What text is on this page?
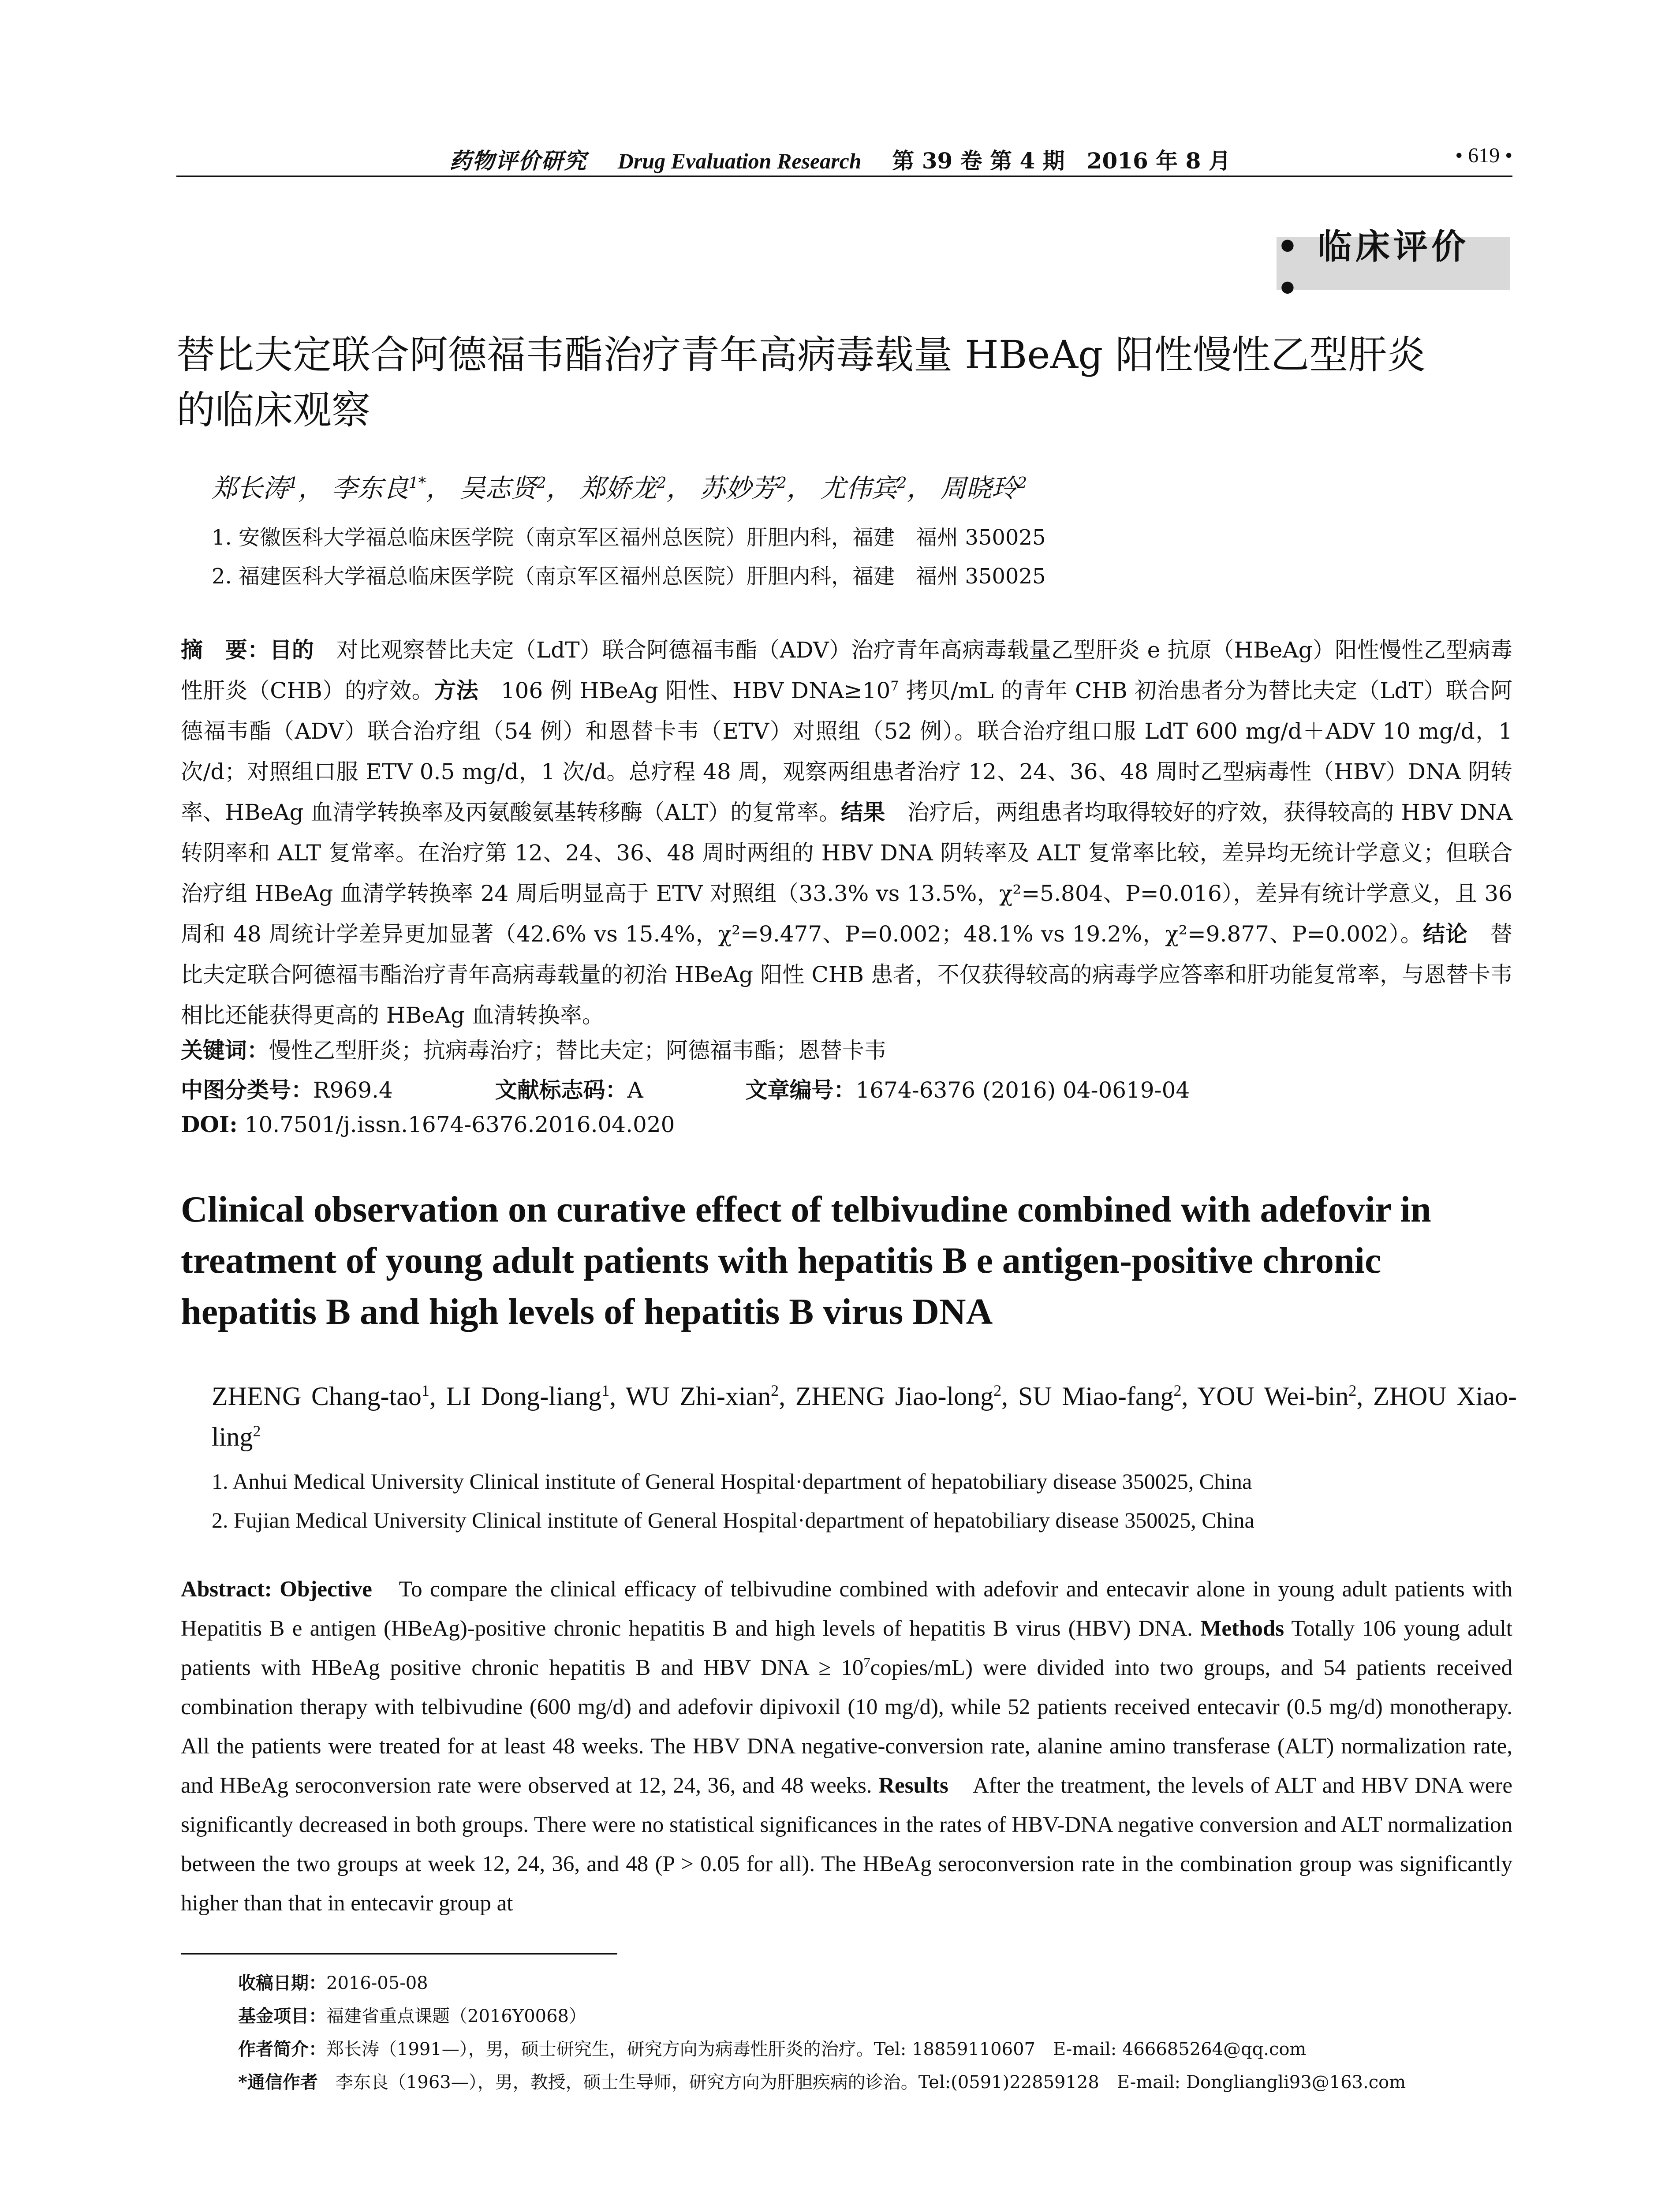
药物评价研究 Drug Evaluation Research 第 39 卷 第 4 期　2016 年 8 月	• 619 •
• 临床评价 •
替比夫定联合阿德福韦酯治疗青年高病毒载量 HBeAg 阳性慢性乙型肝炎
的临床观察
郑长涛$^1$， 李东良$^{1*}$， 吴志贤$^2$， 郑娇龙$^2$， 苏妙芳$^2$， 尤伟宾$^2$， 周晓玲$^2$
1. 安徽医科大学福总临床医学院（南京军区福州总医院）肝胆内科，福建　福州 350025
2. 福建医科大学福总临床医学院（南京军区福州总医院）肝胆内科，福建　福州 350025
摘　要：目的　对比观察替比夫定（LdT）联合阿德福韦酯（ADV）治疗青年高病毒载量乙型肝炎 e 抗原（HBeAg）阳性慢性乙型病毒性肝炎（CHB）的疗效。方法　106 例 HBeAg 阳性、HBV $DNA\ge 10^7$ 拷贝/mL 的青年 CHB 初治患者分为替比夫定（LdT）联合阿德福韦酯（ADV）联合治疗组（54 例）和恩替卡韦（ETV）对照组（52 例）。联合治疗组口服 LdT 600 mg/d＋ADV 10 mg/d，1 次/d；对照组口服 ETV 0.5 mg/d，1 次/d。总疗程 48 周，观察两组患者治疗 12、24、36、48 周时乙型病毒性（HBV）DNA 阴转率、HBeAg 血清学转换率及丙氨酸氨基转移酶（ALT）的复常率。结果　治疗后，两组患者均取得较好的疗效，获得较高的 HBV DNA 转阴率和 ALT 复常率。在治疗第 12、24、36、48 周时两组的 HBV DNA 阴转率及 ALT 复常率比较，差异均无统计学意义；但联合治疗组 HBeAg 血清学转换率 24 周后明显高于 ETV 对照组（33.3% vs 13.5%，χ²=5.804、P=0.016），差异有统计学意义，且 36 周和 48 周统计学差异更加显著（42.6% vs 15.4%，χ²=9.477、P=0.002；48.1% vs 19.2%，χ²=9.877、P=0.002）。结论　替比夫定联合阿德福韦酯治疗青年高病毒载量的初治 HBeAg 阳性 CHB 患者，不仅获得较高的病毒学应答率和肝功能复常率，与恩替卡韦相比还能获得更高的 HBeAg 血清转换率。
关键词：慢性乙型肝炎；抗病毒治疗；替比夫定；阿德福韦酯；恩替卡韦
中图分类号：R969.4	文献标志码：A	文章编号：1674-6376 (2016) 04-0619-04
DOI: 10.7501/j.issn.1674-6376.2016.04.020
Clinical observation on curative effect of telbivudine combined with adefovir in
treatment of young adult patients with hepatitis B e antigen-positive chronic
hepatitis B and high levels of hepatitis B virus DNA
ZHENG Chang-tao$^1$, LI Dong-liang$^1$, WU Zhi-xian$^2$, ZHENG Jiao-long$^2$, SU Miao-fang$^2$, YOU Wei-bin$^2$, ZHOU Xiao-ling$^2$
1. Anhui Medical University Clinical institute of General Hospital·department of hepatobiliary disease 350025, China
2. Fujian Medical University Clinical institute of General Hospital·department of hepatobiliary disease 350025, China
Abstract: Objective　To compare the clinical efficacy of telbivudine combined with adefovir and entecavir alone in young adult patients with Hepatitis B e antigen (HBeAg)-positive chronic hepatitis B and high levels of hepatitis B virus (HBV) DNA. Methods Totally 106 young adult patients with HBeAg positive chronic hepatitis B and HBV DNA ≥ $10^7copies/mL$) were divided into two groups, and 54 patients received combination therapy with telbivudine (600 mg/d) and adefovir dipivoxil (10 mg/d), while 52 patients received entecavir (0.5 mg/d) monotherapy. All the patients were treated for at least 48 weeks. The HBV DNA negative-conversion rate, alanine amino transferase (ALT) normalization rate, and HBeAg seroconversion rate were observed at 12, 24, 36, and 48 weeks. Results　After the treatment, the levels of ALT and HBV DNA were significantly decreased in both groups. There were no statistical significances in the rates of HBV-DNA negative conversion and ALT normalization between the two groups at week 12, 24, 36, and 48 (P > 0.05 for all). The HBeAg seroconversion rate in the combination group was significantly higher than that in entecavir group at
收稿日期：2016-05-08
基金项目：福建省重点课题（2016Y0068）
作者简介：郑长涛（1991—），男，硕士研究生，研究方向为病毒性肝炎的治疗。Tel: 18859110607　E-mail: 466685264@qq.com
*通信作者　李东良（1963—），男，教授，硕士生导师，研究方向为肝胆疾病的诊治。Tel:(0591)22859128　E-mail: Dongliangli93@163.com
